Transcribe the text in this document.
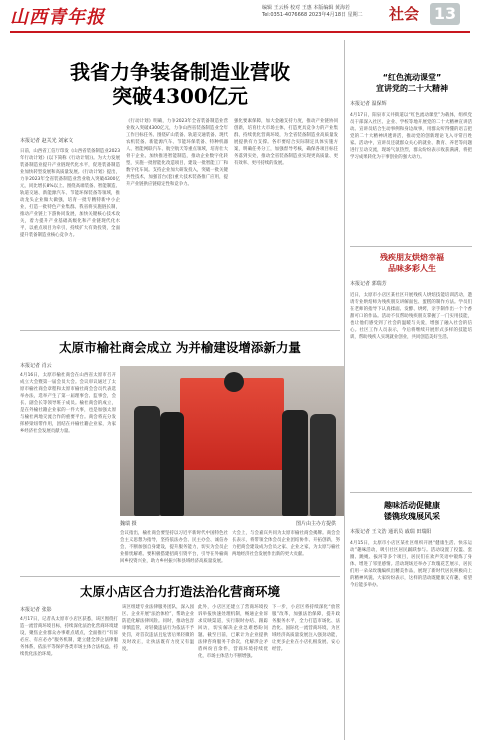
山西青年报	编辑 王云桥 校对 王惠 本版编辑 黄海若
Tel:0351-4076668 2023年4月18日 星期二 社会 13
我省力争装备制造业营收
突破4300亿元
本报记者 赵关光 刘家文
日前，山西省工信厅印发《山西省装备制造业2023年行动计划》(以下简称《行动计划》)。为大力发展装备制造业提升产业链现代化水平，促进装备制造业加快转型发展和高质量发展。《行动计划》提出，力争2023年全省装备制造业营业收入突破4300亿元，同比增长8%以上。围绕高端装备、智能制造、轨道交通、新能源汽车、节能环保装备等领域，推动龙头企业做大做强，培育一批专精特新中小企业，打造一批特色产业集群。我省将实施链长制，推动产业链上下游协同发展，加快关键核心技术攻关，着力提升产业基础高级化和产业链现代化水平，以重点项目为牵引，持续扩大有效投资，全面提升装备制造业核心竞争力。
《行动计划》明确，力争2023年全省装备制造业营业收入突破4300亿元，力争山西省装备制造业全年工作目标任务。围绕矿山装备、轨道交通装备、现代农机装备、新能源汽车、节能环保装备、特种机器人、智能网联汽车、航空航天等重点领域，培育壮大骨干企业。加快推进智能制造，推动企业数字化转型，实施一批智能化改造项目，建设一批智能工厂和数字化车间。支持企业加大研发投入，突破一批关键共性技术，加强首台(套)重大技术装备推广应用，提升产业链供应链稳定性和竞争力。
强化要素保障，加大金融支持力度，推动产业链协同创新，培育壮大市场主体，打造更具竞争力的产业集群，持续优化营商环境，为全省装备制造业高质量发展提供有力支撑。各市要结合实际制定具体实施方案，明确任务分工，加强督导考核，确保各项目标任务落到实处，推动全省装备制造业实现更高质量、更有效率、更可持续的发展。
“红色流动课堂”
宣讲党的二十大精神
本报记者 温保辉
4月17日，阳泉市义井街道以“红色流动课堂”为载体，组织党员干部深入社区、企业、学校等地开展党的二十大精神宣讲活动。宣讲员结合生动事例和身边故事，用群众听得懂的语言把党的二十大精神讲透讲活，推动党的创新理论飞入寻常百姓家。活动中，宣讲员还就群众关心的就业、教育、养老等问题进行互动交流，现场气氛热烈，群众纷纷表示收获满满，将把学习成果转化为干事创业的强大动力。
残疾朋友烘焙幸福
品味多彩人生
本报记者 郭瑞芳
近日，太原市小店区某社区开展残疾人烘焙技能培训活动，邀请专业烘焙师为残疾朋友讲解面包、蛋糕的制作方法。学员们在老师的指导下认真揉面、发酵、烘烤，亲手制作出一个个香甜可口的作品。活动不仅帮助残疾朋友掌握了一门实用技能，也让他们感受到了社会的温暖与关爱，增强了融入社会的信心。社区工作人员表示，今后将继续开展形式多样的技能培训，帮助残疾人实现就业创业，共同创造美好生活。
趣味活动促健康
镂镌玫瑰展风采
本报记者 王文浩 通讯员 戚瑞 田瑞阳
4月15日，太原市小店区某社区组织开展“健康生活、快乐运动”趣味活动，吸引社区居民踊跃参与。活动设置了投篮、套圈、跳绳、拔河等多个项目，居民们在欢声笑语中锻炼了身体、增进了邻里感情。活动现场还举办了玫瑰花艺展示，居民们用一朵朵玫瑰编织出精美作品，展现了新时代居民积极向上的精神风貌。大家纷纷表示，这样的活动既健康又有趣，希望今后能多举办。
太原市榆社商会成立 为并榆建设增添新力量
本报记者 肖云
4月16日，太原市榆社商会在山西省太原市召开成立大会暨第一届会员大会。会议审议通过了太原市榆社商会章程和太原市榆社商会会员代表选举办法，选举产生了第一届理事会、监事会，会长、副会长等领导班子成员。榆社商会的成立，是在外榆社籍企业家的一件大事，也是加强太原与榆社两地交流合作的重要平台。商会将充分发挥桥梁纽带作用，团结在并榆社籍企业家，为家乡经济社会发展贡献力量。
魏瑞 摄	图片由主办方提供
会议指出，榆社商会要坚持以习近平新时代中国特色社会主义思想为指导，坚持依法办会、民主办会、诚信办会，不断加强自身建设，提升服务能力，切实为会员企业排忧解难。要积极搭建招商引资平台，引导在外榆商回乡投资兴业，助力乡村振兴和县域经济高质量发展。
大会上，与会嘉宾共同为太原市榆社商会揭牌。商会会长表示，将带领全体会员企业团结协作、开拓创新，努力把商会建设成为会员之家、企业之家，为太原与榆社两地经济社会发展作出新的更大贡献。
太原小店区合力打造法治化营商环境
本报记者 张影
4月17日，记者从太原市小店区获悉，该区围绕打造一流营商环境目标，持续深化法治化营商环境建设，聚焦企业群众办事难点堵点，全面推行“有诉必应、有应必办”服务机制，建立健全涉企法律服务体系，依法平等保护各类市场主体合法权益，持续优化法治环境。
该区组建专业法律服务团队，深入园区、企业开展“法治体检”，帮助企业防范化解法律风险。同时，推动包容审慎监管，对轻微违法行为依法不予处罚，对首次违法且危害后果轻微的及时改正，让执法既有力度又有温度。
此外，小店区还建立了营商环境投诉举报快速处理机制，畅通企业诉求反映渠道，实行限时办结、跟踪回访，切实解决企业急难愁盼问题。截至目前，已累计为企业提供法律咨询服务千余次，化解涉企矛盾纠纷百余件，营商环境持续优化，市场主体活力不断增强。
下一步，小店区将持续深化“放管服”改革，加强法治保障，提升政务服务水平，全力打造市场化、法治化、国际化一流营商环境，为区域经济高质量发展注入强劲动能，让更多企业在小店扎根发展、安心经营。
